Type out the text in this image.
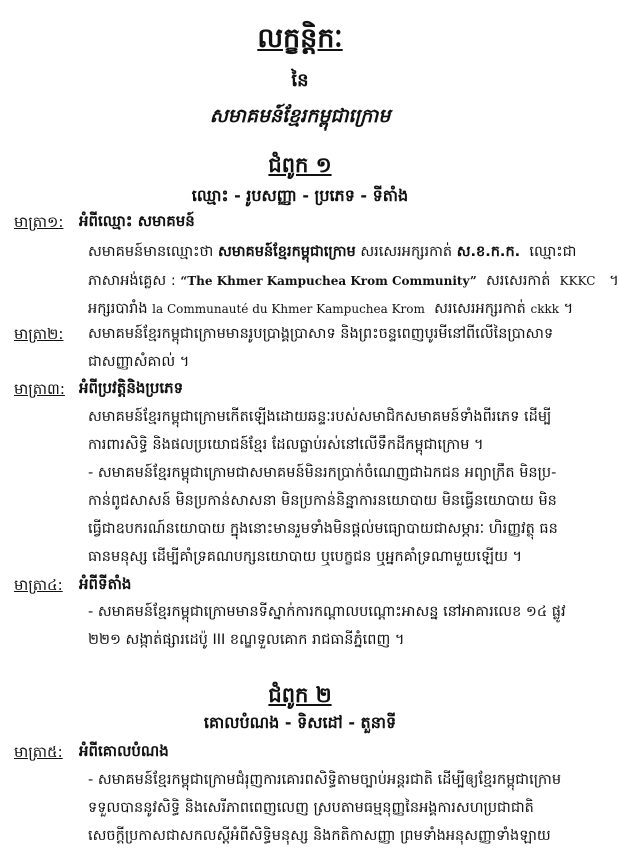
លក្ខន្តិកៈ
នៃ
សមាគមន៍ខ្មែរកម្ពុជាក្រោម
ជំពូក ១
ឈ្មោះ ‑ រូបសញ្ញា ‑ ប្រភេទ ‑ ទីតាំង
មាត្រា១: អំពីឈ្មោះ សមាគមន៍
សមាគមន៍មានឈ្មោះថា សមាគមន៍ខ្មែរកម្ពុជាក្រោម សរសេរអក្សរកាត់ ស.ខ.ក.ក. ឈ្មោះជា
ភាសាអង់គ្លេស : “The Khmer Kampuchea Krom Community” សរសេរកាត់ KKKC ។
អក្សរបារាំង la Communauté du Khmer Kampuchea Krom សរសេរអក្សរកាត់ ckkk ។
មាត្រា២: សមាគមន៍ខ្មែរកម្ពុជាក្រោមមានរូបប្រាង្គប្រាសាទ និងព្រះចន្ទពេញបូរមីនៅពីលើនៃប្រាសាទ
ជាសញ្ញាសំគាល់ ។
មាត្រា៣: អំពីប្រវត្តិនិងប្រភេទ
សមាគមន៍ខ្មែរកម្ពុជាក្រោមកើតឡើងដោយឆន្ទៈរបស់សមាជិកសមាគមន៍ទាំងពីរភេទ ដើម្បី
ការពារសិទ្ធិ និងផលប្រយោជន៍ខ្មែរ ដែលធ្លាប់រស់នៅលើទឹកដីកម្ពុជាក្រោម ។
- សមាគមន៍ខ្មែរកម្ពុជាក្រោមជាសមាគមន៍មិនរកប្រាក់ចំណេញជាឯកជន អព្យាក្រឹត មិនប្រ-
កាន់ពូជសាសន៍ មិនប្រកាន់សាសនា មិនប្រកាន់និន្នាការនយោបាយ មិនធ្វើនយោបាយ មិន
ធ្វើជាឧបករណ៍នយោបាយ ក្នុងនោះមានរួមទាំងមិនផ្តល់មធ្យោបាយជាសម្ភារៈ ហិរញ្ញវត្ថុ ធន
ធានមនុស្ស ដើម្បីគាំទ្រគណបក្សនយោបាយ ឬបេក្ខជន ឬអ្នកគាំទ្រណាមួយឡើយ ។
មាត្រា៤: អំពីទីតាំង
- សមាគមន៍ខ្មែរកម្ពុជាក្រោមមានទីស្នាក់ការកណ្តាលបណ្តោះអាសន្ន នៅអាគារលេខ ១៤ ផ្លូវ
២២១ សង្កាត់ផ្សារដេប៉ូ III ខណ្ឌទួលគោក រាជធានីភ្នំពេញ ។
ជំពូក ២
គោលបំណង ‑ ទិសដៅ ‑ តួនាទី
មាត្រា៥: អំពីគោលបំណង
- សមាគមន៍ខ្មែរកម្ពុជាក្រោមជំរុញការគោរពសិទ្ធិតាមច្បាប់អន្តរជាតិ ដើម្បីឲ្យខ្មែរកម្ពុជាក្រោម
ទទួលបាននូវសិទ្ធិ និងសេរីភាពពេញលេញ ស្របតាមធម្មនុញ្ញនៃអង្គការសហប្រជាជាតិ
សេចក្តីប្រកាសជាសកលស្តីអំពីសិទ្ធិមនុស្ស និងកតិកាសញ្ញា ព្រមទាំងអនុសញ្ញាទាំងឡាយ
